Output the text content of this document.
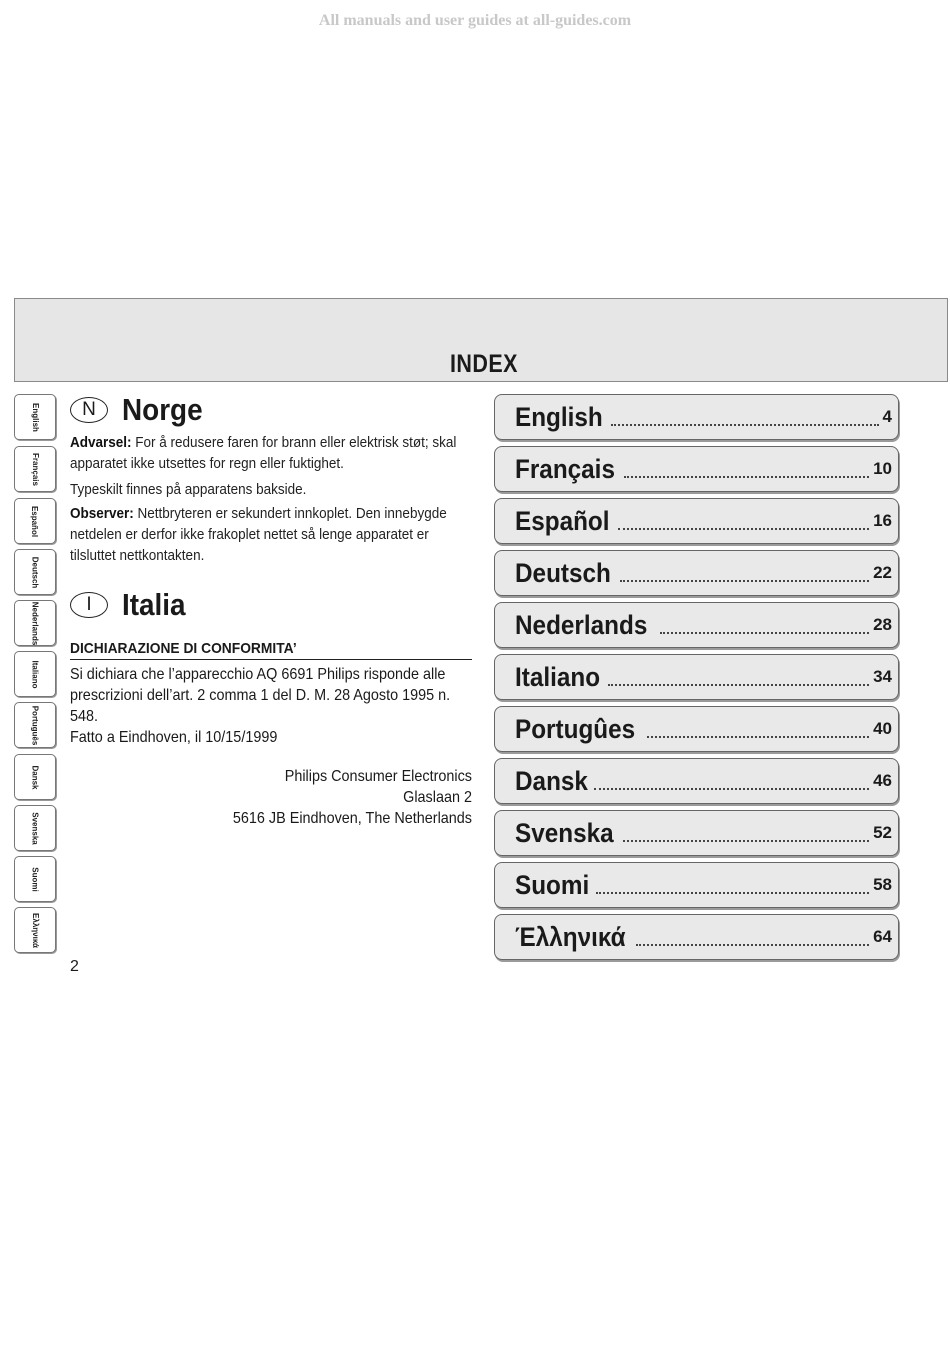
All manuals and user guides at all-guides.com
INDEX
English
Français
Español
Deutsch
Nederlands
Italiano
Português
Dansk
Svenska
Suomi
Ελληνικά
N Norge
Advarsel: For å redusere faren for brann eller elektrisk støt; skal apparatet ikke utsettes for regn eller fuktighet.
Typeskilt finnes på apparatens bakside.
Observer: Nettbryteren er sekundert innkoplet. Den innebygde netdelen er derfor ikke frakoplet nettet så lenge apparatet er tilsluttet nettkontakten.
I Italia
DICHIARAZIONE DI CONFORMITA’
Si dichiara che l’apparecchio AQ 6691 Philips risponde alle prescrizioni dell’art. 2 comma 1 del D. M. 28 Agosto 1995 n. 548.
Fatto a Eindhoven, il 10/15/1999
Philips Consumer Electronics
Glaslaan 2
5616 JB Eindhoven, The Netherlands
2
English	4
Français	10
Español	16
Deutsch	22
Nederlands	28
Italiano	34
Portugûes	40
Dansk	46
Svenska	52
Suomi	58
Έλληνικά	64
